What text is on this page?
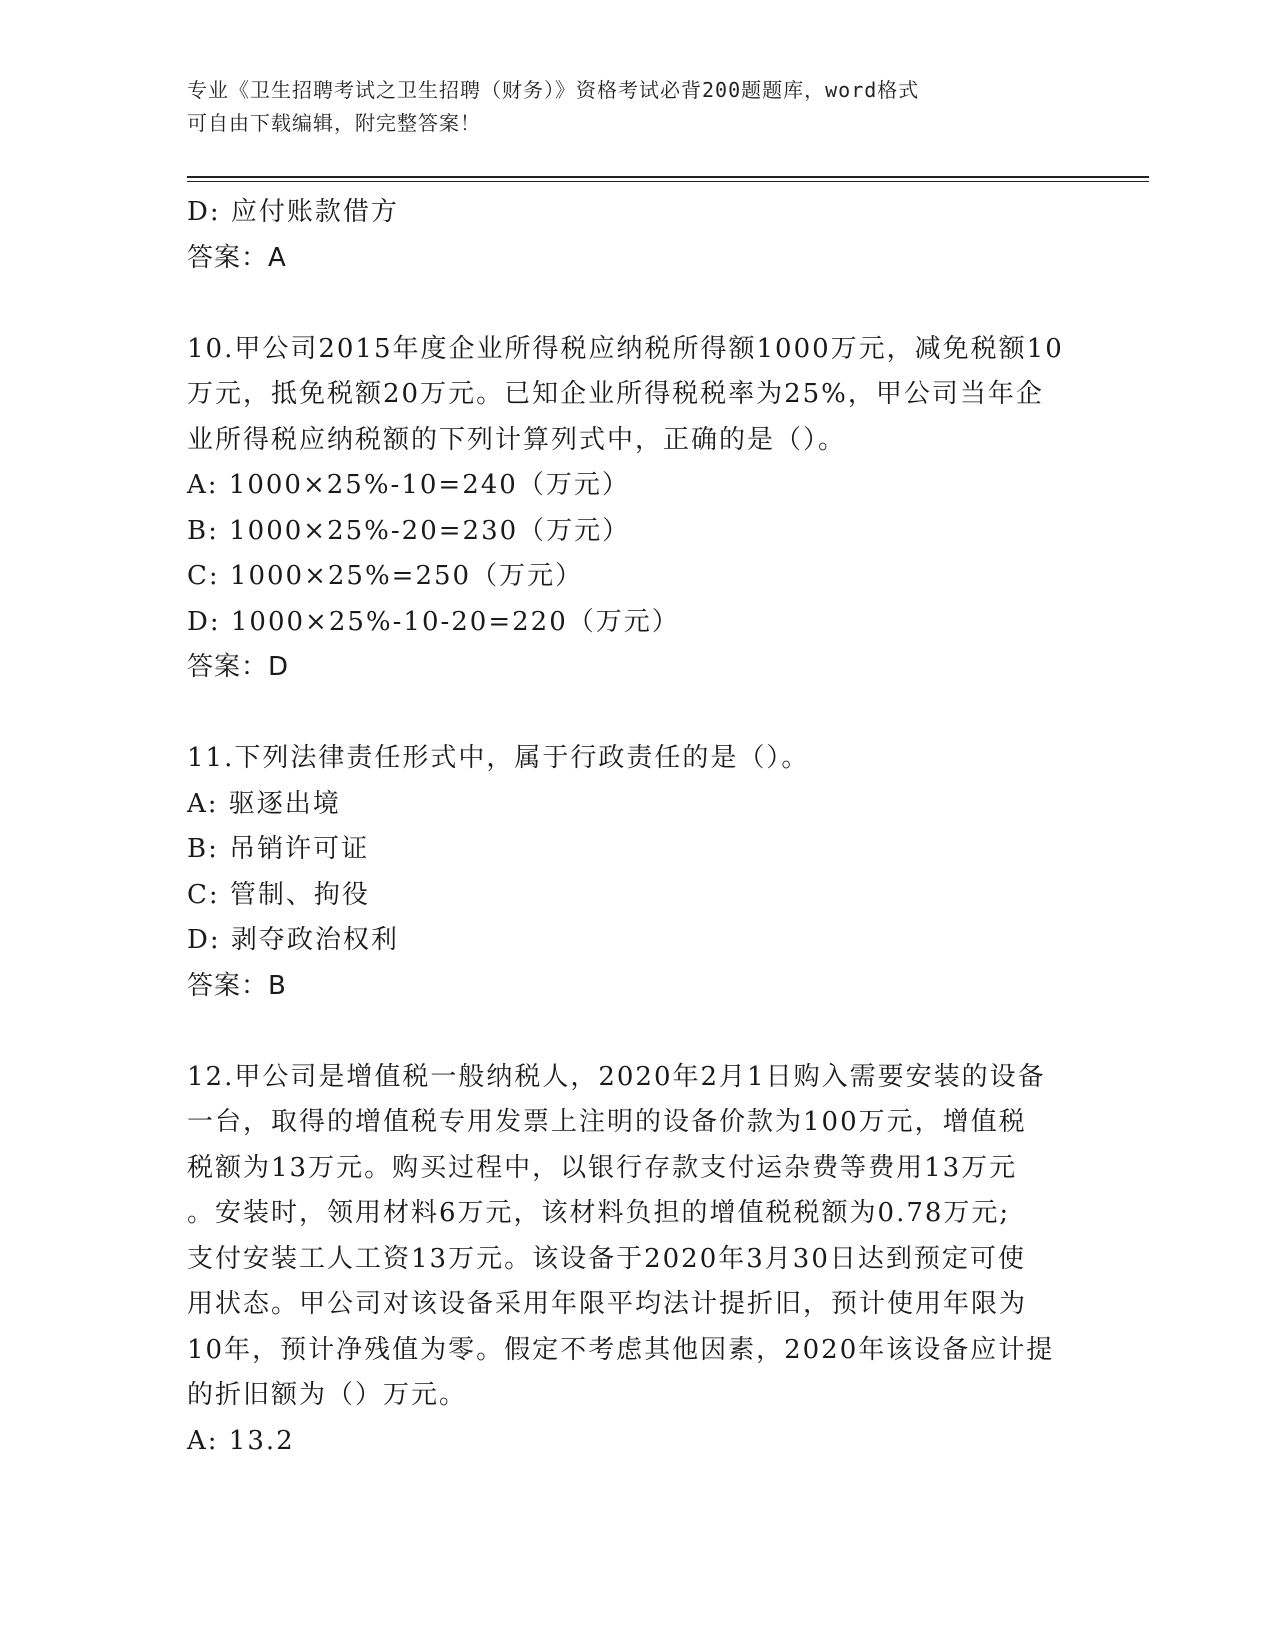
专业《卫生招聘考试之卫生招聘（财务）》资格考试必背200题题库，word格式
可自由下载编辑，附完整答案！
D: 应付账款借方
答案：A
10.甲公司2015年度企业所得税应纳税所得额1000万元，减免税额10
万元，抵免税额20万元。已知企业所得税税率为25%，甲公司当年企
业所得税应纳税额的下列计算列式中，正确的是（）。
A: 1000×25%-10=240（万元）
B: 1000×25%-20=230（万元）
C: 1000×25%=250（万元）
D: 1000×25%-10-20=220（万元）
答案：D
11.下列法律责任形式中，属于行政责任的是（）。
A: 驱逐出境
B: 吊销许可证
C: 管制、拘役
D: 剥夺政治权利
答案：B
12.甲公司是增值税一般纳税人，2020年2月1日购入需要安装的设备
一台，取得的增值税专用发票上注明的设备价款为100万元，增值税
税额为13万元。购买过程中，以银行存款支付运杂费等费用13万元
。安装时，领用材料6万元，该材料负担的增值税税额为0.78万元;
支付安装工人工资13万元。该设备于2020年3月30日达到预定可使
用状态。甲公司对该设备采用年限平均法计提折旧，预计使用年限为
10年，预计净残值为零。假定不考虑其他因素，2020年该设备应计提
的折旧额为（）万元。
A: 13.2
